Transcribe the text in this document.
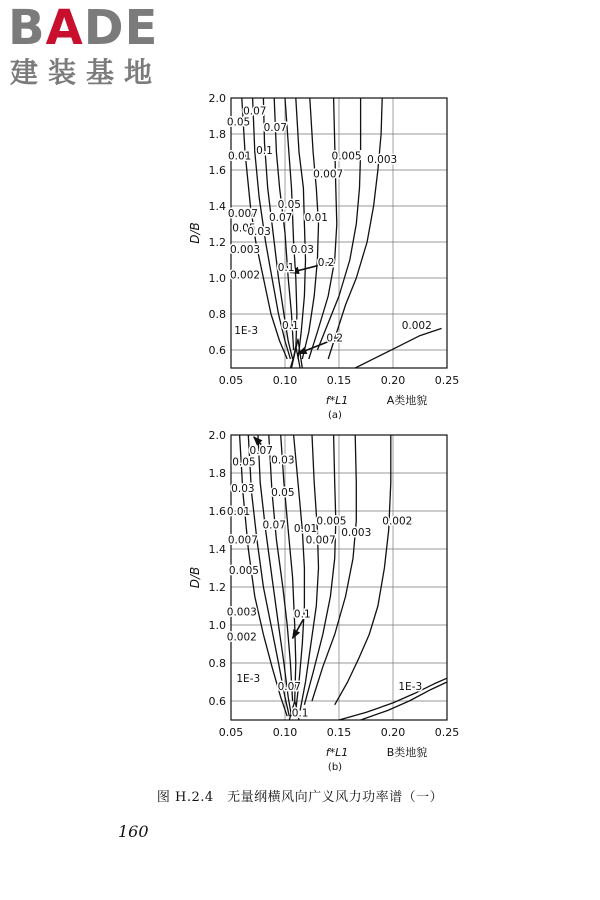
BADE
建装基地
0.07
0.05 0.07
0.1
0.01	0.005 0.003
0.007
0.05
0.007 0.07 0.01
0.05
0.03
0.003	0.03
0.2
0.1
0.002
1E-3 0.1
0.2
0.002
0.05	0.10	0.15	0.20	0.25
0.6
0.8
1.0
1.2
1.4
1.6
1.8
2.0
D/B
f*L1
(a)
A类地貌
0.07
0.05 0.03
0.03 0.05
0.01
0.07	0.005
0.01
0.002
0.007
0.003
0.007
0.005
0.003	0.1
0.002
1E-3
0.07	1E-3
0.1
0.05	0.10	0.15	0.20	0.25
0.6
0.8
1.0
1.2
1.4
1.6
1.8
2.0
D/B
f*L1
(b)
B类地貌
图 H.2.4　无量纲横风向广义风力功率谱（一）
160
